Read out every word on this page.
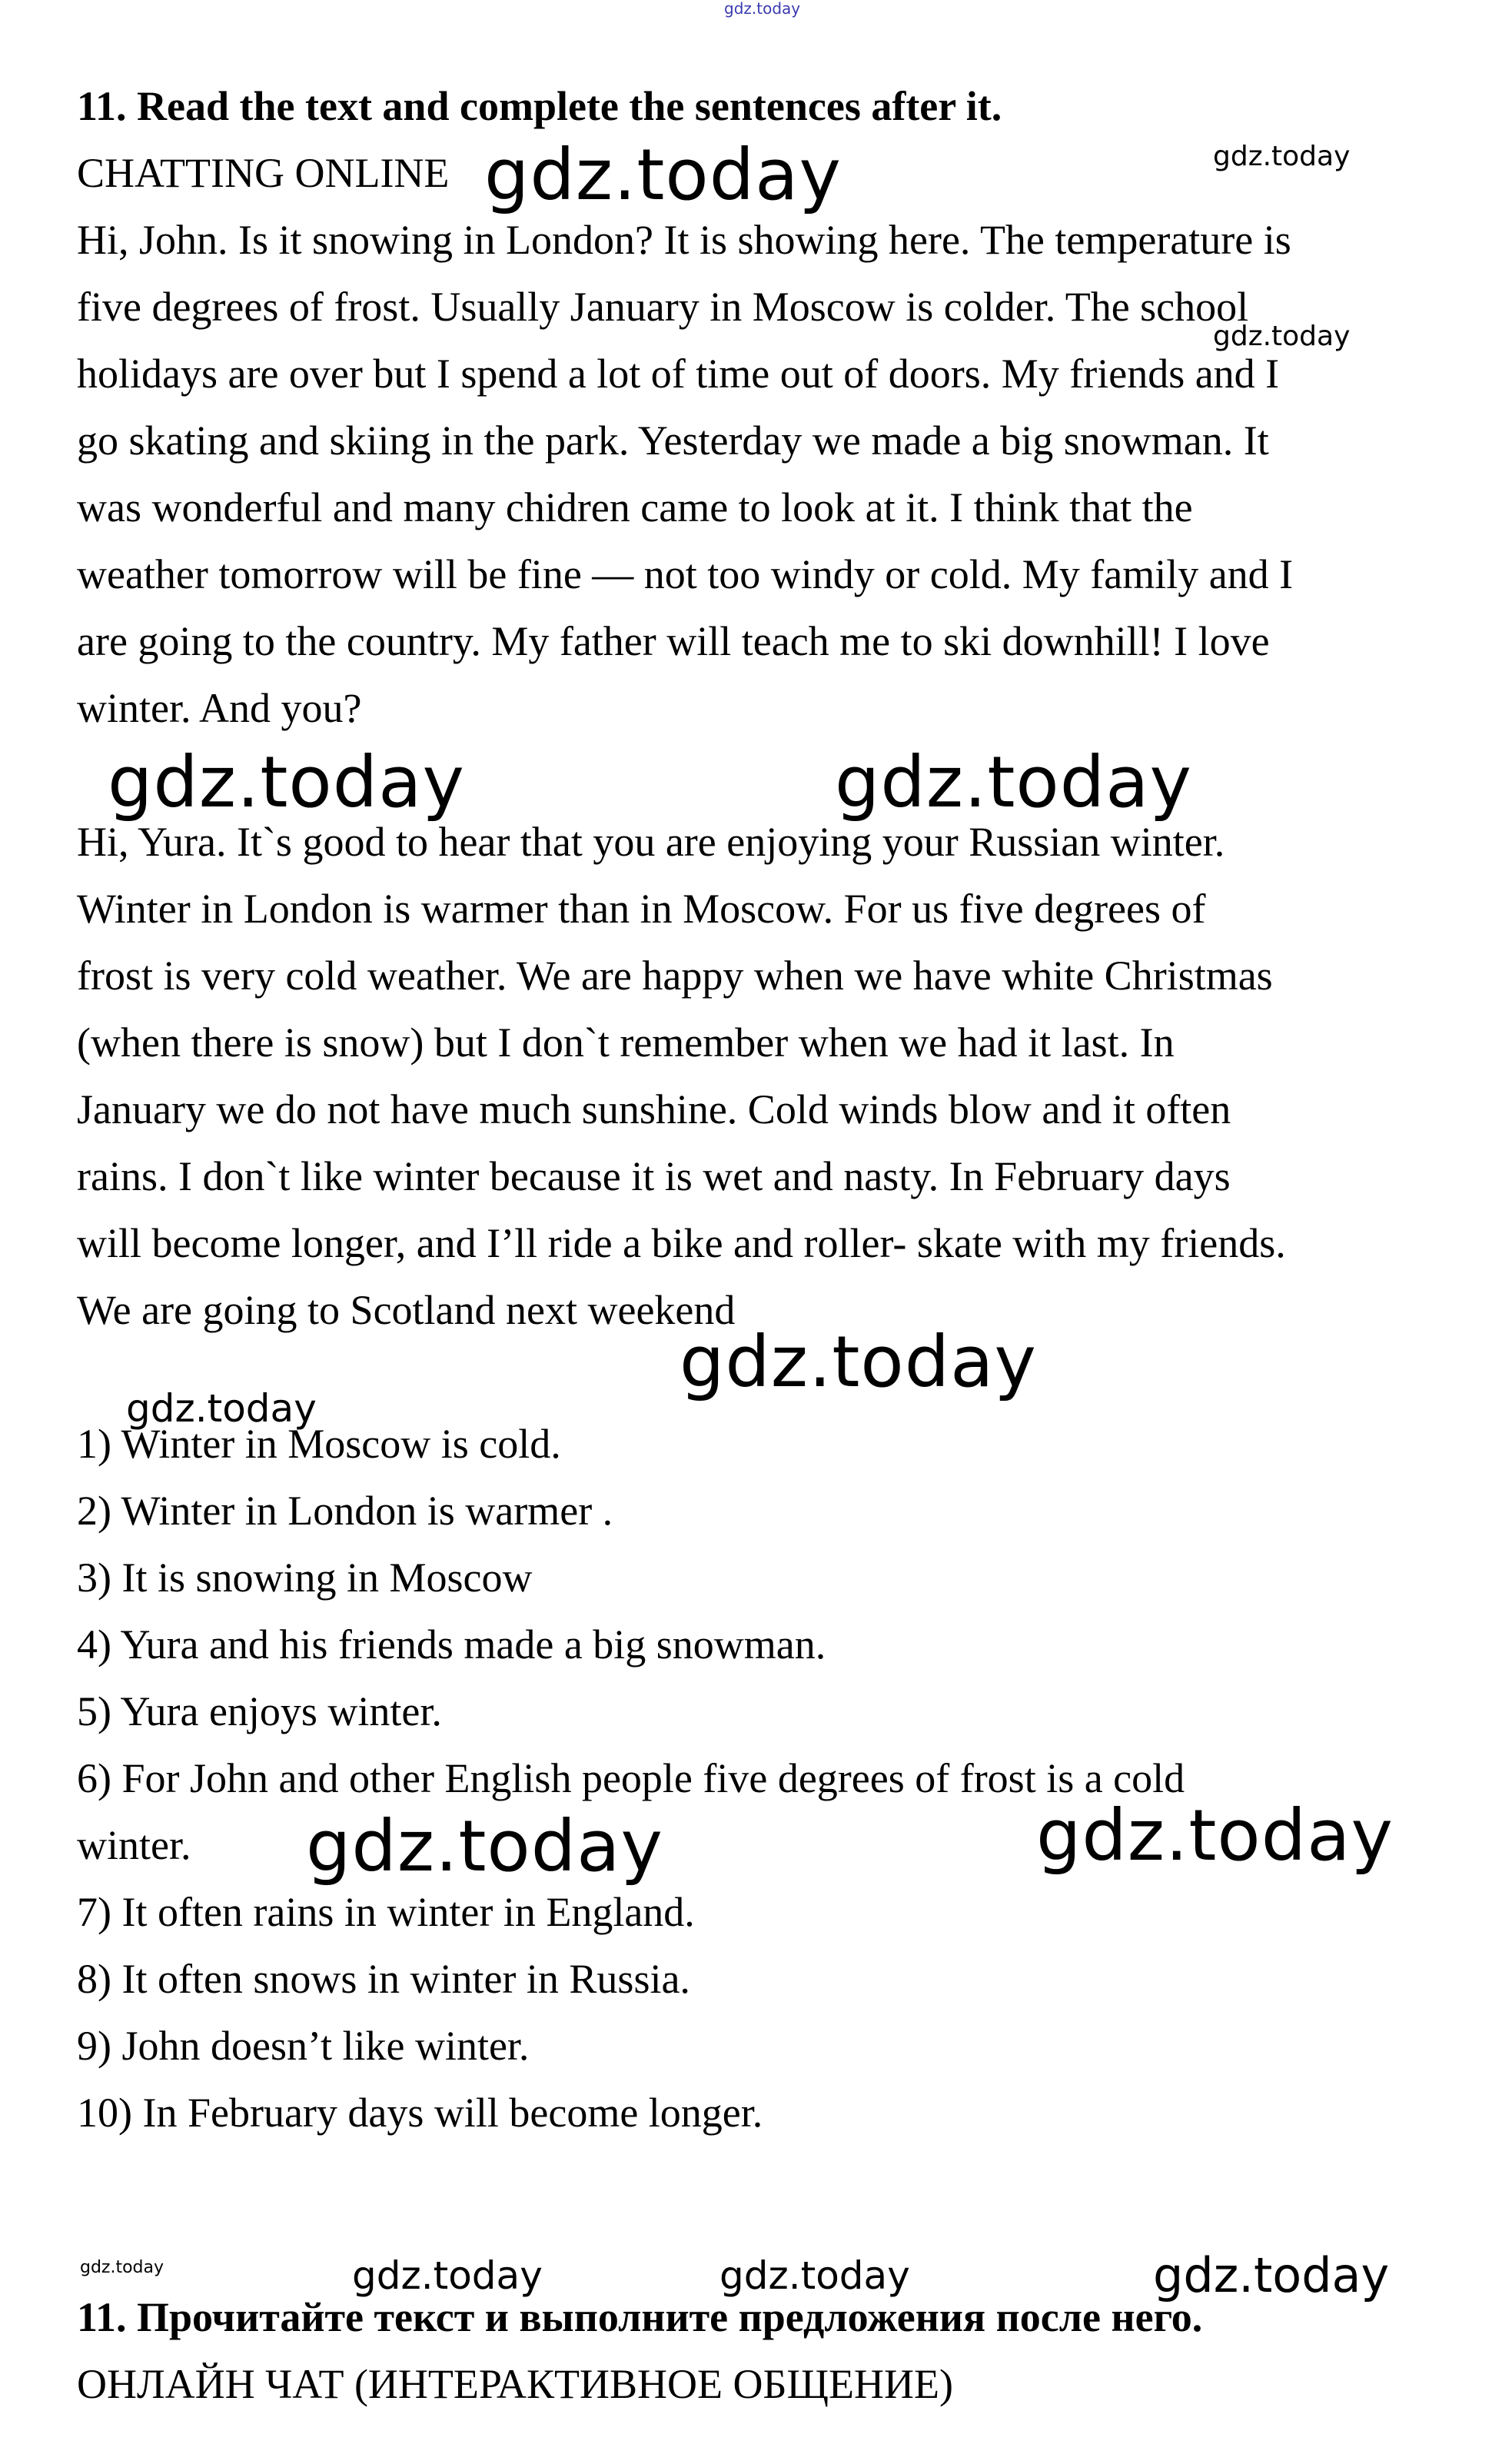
gdz.today
11. Read the text and complete the sentences after it.
CHATTING ONLINE
Hi, John. Is it snowing in London? It is showing here. The temperature is
five degrees of frost. Usually January in Moscow is colder. The school
holidays are over but I spend a lot of time out of doors. My friends and I
go skating and skiing in the park. Yesterday we made a big snowman. It
was wonderful and many chidren came to look at it. I think that the
weather tomorrow will be fine — not too windy or cold. My family and I
are going to the country. My father will teach me to ski downhill! I love
winter. And you?
Hi, Yura. It`s good to hear that you are enjoying your Russian winter.
Winter in London is warmer than in Moscow. For us five degrees of
frost is very cold weather. We are happy when we have white Christmas
(when there is snow) but I don`t remember when we had it last. In
January we do not have much sunshine. Cold winds blow and it often
rains. I don`t like winter because it is wet and nasty. In February days
will become longer, and I’ll ride a bike and roller- skate with my friends.
We are going to Scotland next weekend
1) Winter in Moscow is cold.
2) Winter in London is warmer .
3) It is snowing in Moscow
4) Yura and his friends made a big snowman.
5) Yura enjoys winter.
6) For John and other English people five degrees of frost is a cold
winter.
7) It often rains in winter in England.
8) It often snows in winter in Russia.
9) John doesn’t like winter.
10) In February days will become longer.
11. Прочитайте текст и выполните предложения после него.
ОНЛАЙН ЧАТ (ИНТЕРАКТИВНОЕ ОБЩЕНИЕ)
gdz.today	gdz.today
gdz.today
gdz.today	gdz.today
gdz.today
gdz.today
gdz.today	gdz.today
gdz.today	gdz.today	gdz.today	gdz.today
